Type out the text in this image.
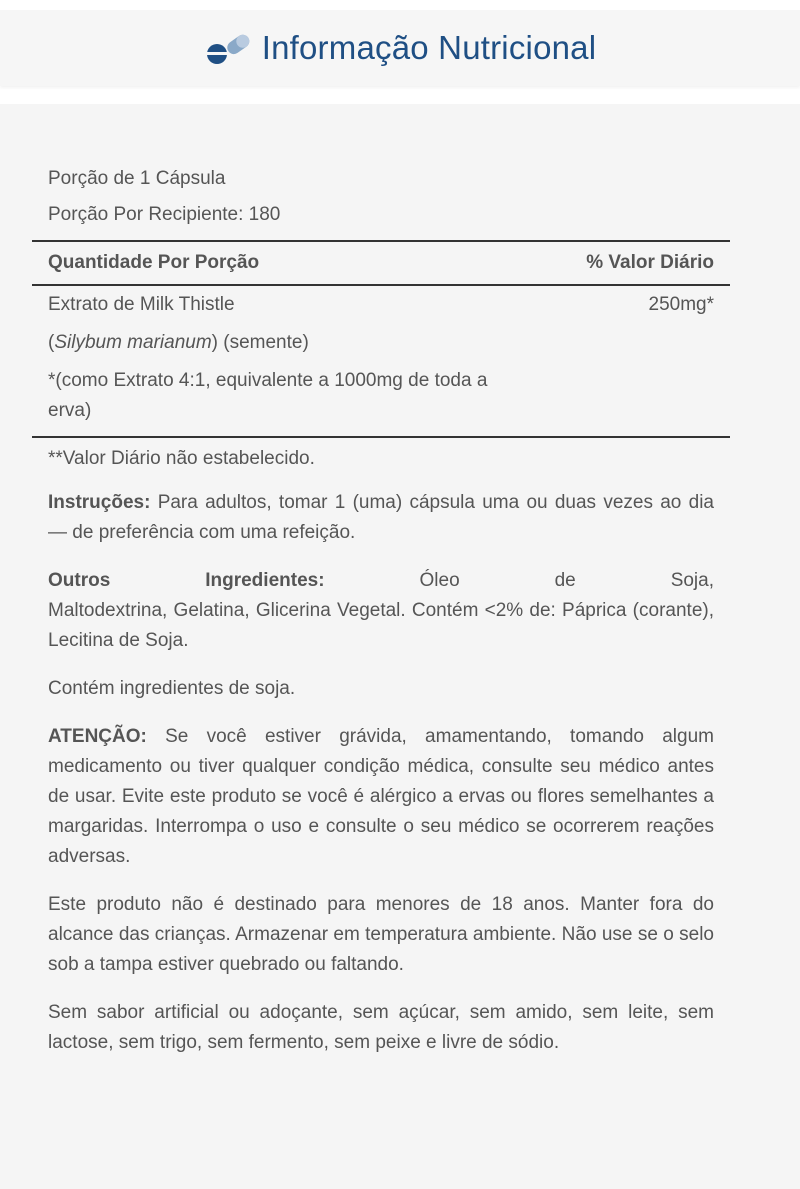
Informação Nutricional

Porção de 1 Cápsula

Porção Por Recipiente: 180

Quantidade Por Porção	% Valor Diário
Extrato de Milk Thistle	250mg*

(Silybum marianum) (semente)

*(como Extrato 4:1, equivalente a 1000mg de toda a erva)

**Valor Diário não estabelecido.

Instruções: Para adultos, tomar 1 (uma) cápsula uma ou duas vezes ao dia — de preferência com uma refeição.

Outros	Ingredientes:	Óleo	de	Soja,

Maltodextrina, Gelatina, Glicerina Vegetal. Contém <2% de: Páprica (corante), Lecitina de Soja.

Contém ingredientes de soja.

ATENÇÃO: Se você estiver grávida, amamentando, tomando algum medicamento ou tiver qualquer condição médica, consulte seu médico antes de usar. Evite este produto se você é alérgico a ervas ou flores semelhantes a margaridas. Interrompa o uso e consulte o seu médico se ocorrerem reações adversas.

Este produto não é destinado para menores de 18 anos. Manter fora do alcance das crianças. Armazenar em temperatura ambiente. Não use se o selo sob a tampa estiver quebrado ou faltando.

Sem sabor artificial ou adoçante, sem açúcar, sem amido, sem leite, sem lactose, sem trigo, sem fermento, sem peixe e livre de sódio.
